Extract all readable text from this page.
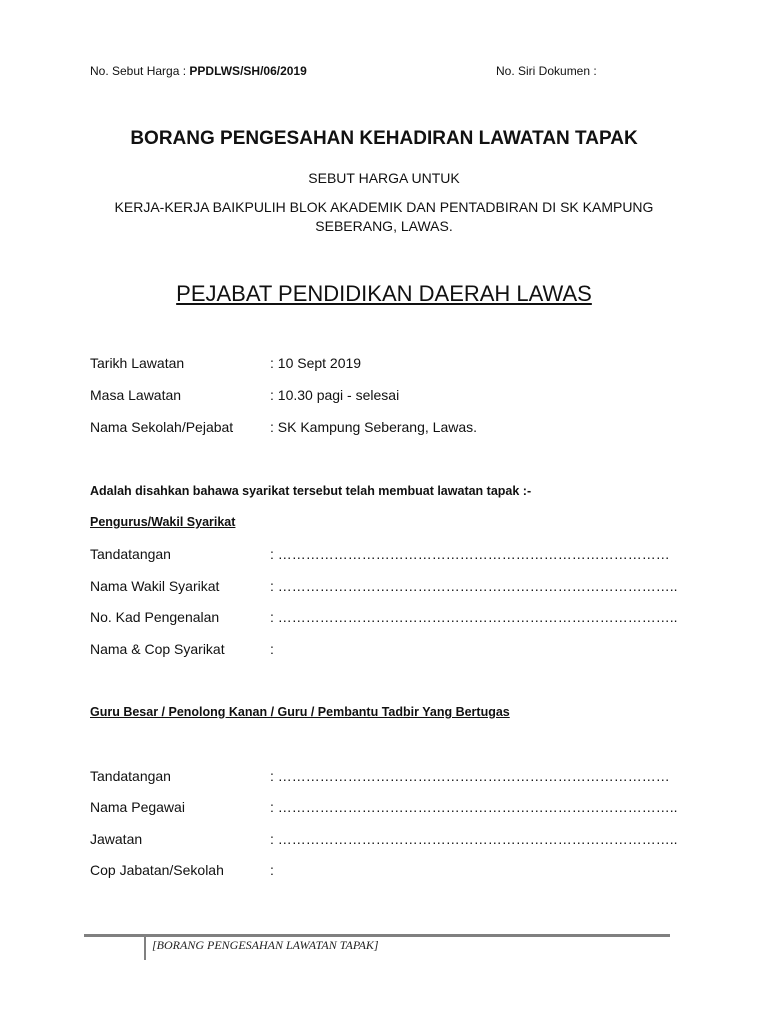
No. Sebut Harga : PPDLWS/SH/06/2019	No. Siri Dokumen :
BORANG PENGESAHAN KEHADIRAN LAWATAN TAPAK
SEBUT HARGA UNTUK
KERJA-KERJA BAIKPULIH BLOK AKADEMIK DAN PENTADBIRAN DI SK KAMPUNG
SEBERANG, LAWAS.
PEJABAT PENDIDIKAN DAERAH LAWAS
Tarikh Lawatan	: 10 Sept 2019
Masa Lawatan	: 10.30 pagi - selesai
Nama Sekolah/Pejabat	: SK Kampung Seberang, Lawas.
Adalah disahkan bahawa syarikat tersebut telah membuat lawatan tapak :-
Pengurus/Wakil Syarikat
Tandatangan	: …………………………………………………………………………
Nama Wakil Syarikat	: …………………………………………………………………………..
No. Kad Pengenalan	: …………………………………………………………………………..
Nama & Cop Syarikat	:
Guru Besar / Penolong Kanan / Guru / Pembantu Tadbir Yang Bertugas
Tandatangan	: …………………………………………………………………………
Nama Pegawai	: …………………………………………………………………………..
Jawatan	: …………………………………………………………………………..
Cop Jabatan/Sekolah	:
[BORANG PENGESAHAN LAWATAN TAPAK]
